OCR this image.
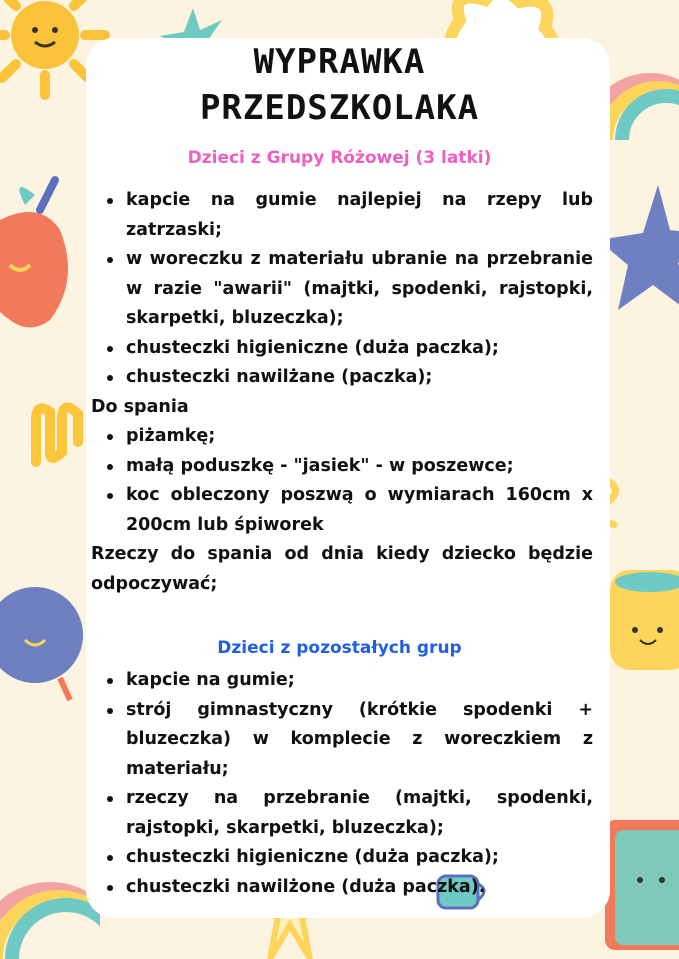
WYPRAWKA
PRZEDSZKOLAKA
Dzieci z Grupy Różowej (3 latki)
kapcie na gumie najlepiej na rzepy lub zatrzaski;
w woreczku z materiału ubranie na przebranie w razie "awarii" (majtki, spodenki, rajstopki, skarpetki, bluzeczka);
chusteczki higieniczne (duża paczka);
chusteczki nawilżane (paczka);
Do spania
piżamkę;
małą poduszkę - "jasiek" - w poszewce;
koc obleczony poszwą o wymiarach 160cm x 200cm lub śpiworek
Rzeczy do spania od dnia kiedy dziecko będzie odpoczywać;
Dzieci z pozostałych grup
kapcie na gumie;
strój gimnastyczny (krótkie spodenki + bluzeczka) w komplecie z woreczkiem z materiału;
rzeczy na przebranie (majtki, spodenki, rajstopki, skarpetki, bluzeczka);
chusteczki higieniczne (duża paczka);
chusteczki nawilżone (duża paczka).
